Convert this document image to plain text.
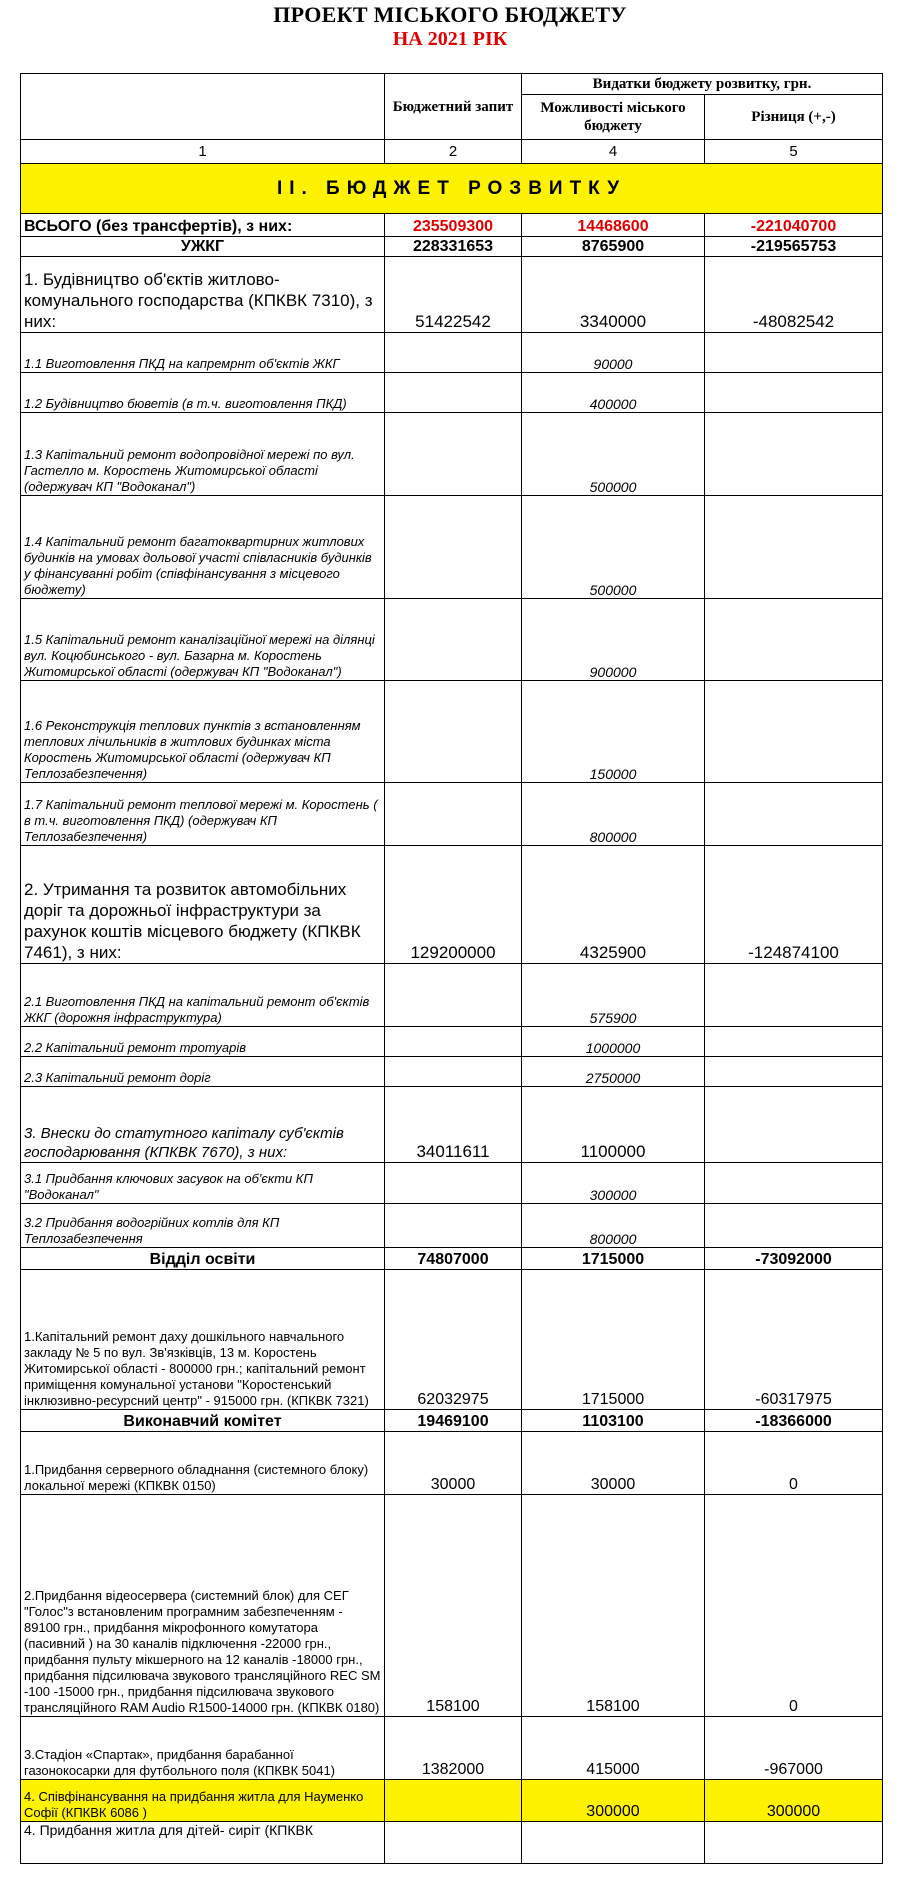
ПРОЕКТ МІСЬКОГО БЮДЖЕТУ
НА 2021 РІК
	Бюджетний запит	Видатки бюджету розвитку, грн.	
		Можливості міського бюджету	Різниця (+,-)
1	2	4	5
ІІ. БЮДЖЕТ РОЗВИТКУ			
ВСЬОГО (без трансфертів), з них:	235509300	14468600	-221040700
УЖКГ	228331653	8765900	-219565753
1. Будівництво об'єктів житлово-комунального господарства (КПКВК 7310), з них:	51422542	3340000	-48082542
1.1 Виготовлення ПКД на капремрнт об'єктів ЖКГ		90000	
1.2 Будівництво бюветів (в т.ч. виготовлення ПКД)		400000	
1.3 Капітальний ремонт водопровідної мережі по вул. Гастелло м. Коростень Житомирської області (одержувач КП "Водоканал")		500000	
1.4 Капітальний ремонт багатоквартирних житлових будинків на умовах дольової участі співласників будинків у фінансуванні робіт (співфінансування з місцевого бюджету)		500000	
1.5 Капітальний ремонт каналізаційної мережі на ділянці вул. Коцюбинського - вул. Базарна м. Коростень Житомирської області (одержувач КП "Водоканал")		900000	
1.6 Реконструкція теплових пунктів з встановленням теплових лічильників в житлових будинках міста Коростень Житомирської області (одержувач КП Теплозабезпечення)		150000	
1.7 Капітальний ремонт теплової мережі м. Коростень ( в т.ч. виготовлення ПКД) (одержувач КП Теплозабезпечення)		800000	
2. Утримання та розвиток автомобільних доріг та дорожньої інфраструктури за рахунок коштів місцевого бюджету (КПКВК 7461), з них:	129200000	4325900	-124874100
2.1 Виготовлення ПКД на капітальний ремонт об'єктів ЖКГ (дорожня інфраструктура)		575900	
2.2 Капітальний ремонт тротуарів		1000000	
2.3 Капітальний ремонт доріг		2750000	
3. Внески до статутного капіталу суб'єктів господарювання (КПКВК 7670), з них:	34011611	1100000	
3.1 Придбання ключових засувок на об'єкти КП "Водоканал"		300000	
3.2 Придбання водогрійних котлів для КП Теплозабезпечення		800000	
Відділ освіти	74807000	1715000	-73092000
1.Капітальний ремонт даху дошкільного навчального закладу № 5 по вул. Зв'язківців, 13 м. Коростень Житомирської області - 800000 грн.; капітальний ремонт приміщення комунальної установи "Коростенський інклюзивно-ресурсний центр" - 915000 грн. (КПКВК 7321)	62032975	1715000	-60317975
Виконавчий комітет	19469100	1103100	-18366000
1.Придбання серверного обладнання (системного блоку) локальної мережі (КПКВК 0150)	30000	30000	0
2.Придбання відеосервера (системний блок) для СЕГ "Голос"з встановленим програмним забезпеченням - 89100 грн., придбання мікрофонного комутатора (пасивний ) на 30 каналів підключення -22000 грн., придбання пульту мікшерного на 12 каналів -18000 грн., придбання підсилювача звукового трансляційного REC SM -100 -15000 грн., придбання підсилювача звукового трансляційного RAM Audio R1500-14000 грн. (КПКВК 0180)	158100	158100	0
3.Стадіон «Спартак», придбання барабанної газонокосарки для футбольного поля (КПКВК 5041)	1382000	415000	-967000
4. Співфінансування на придбання житла для Науменко Софії (КПКВК 6086 )		300000	300000
4. Придбання житла для дітей- сиріт (КПКВК			
